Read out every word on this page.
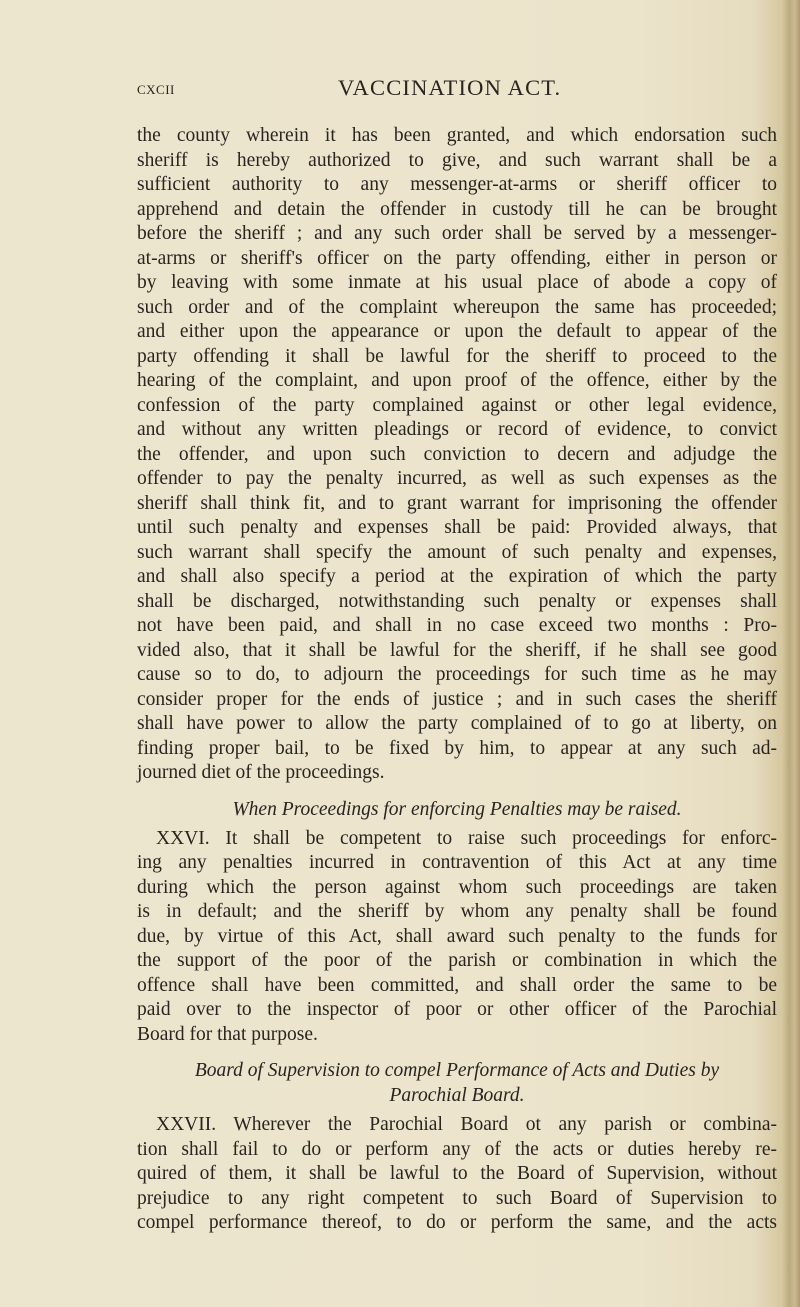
cxcii	VACCINATION ACT.
the county wherein it has been granted, and which endorsation such
sheriff is hereby authorized to give, and such warrant shall be a
sufficient authority to any messenger-at-arms or sheriff officer to
apprehend and detain the offender in custody till he can be brought
before the sheriff ; and any such order shall be served by a messenger-
at-arms or sheriff's officer on the party offending, either in person or
by leaving with some inmate at his usual place of abode a copy of
such order and of the complaint whereupon the same has proceeded;
and either upon the appearance or upon the default to appear of the
party offending it shall be lawful for the sheriff to proceed to the
hearing of the complaint, and upon proof of the offence, either by the
confession of the party complained against or other legal evidence,
and without any written pleadings or record of evidence, to convict
the offender, and upon such conviction to decern and adjudge the
offender to pay the penalty incurred, as well as such expenses as the
sheriff shall think fit, and to grant warrant for imprisoning the offender
until such penalty and expenses shall be paid: Provided always, that
such warrant shall specify the amount of such penalty and expenses,
and shall also specify a period at the expiration of which the party
shall be discharged, notwithstanding such penalty or expenses shall
not have been paid, and shall in no case exceed two months : Pro-
vided also, that it shall be lawful for the sheriff, if he shall see good
cause so to do, to adjourn the proceedings for such time as he may
consider proper for the ends of justice ; and in such cases the sheriff
shall have power to allow the party complained of to go at liberty, on
finding proper bail, to be fixed by him, to appear at any such ad-
journed diet of the proceedings.
When Proceedings for enforcing Penalties may be raised.
XXVI. It shall be competent to raise such proceedings for enforc-
ing any penalties incurred in contravention of this Act at any time
during which the person against whom such proceedings are taken
is in default; and the sheriff by whom any penalty shall be found
due, by virtue of this Act, shall award such penalty to the funds for
the support of the poor of the parish or combination in which the
offence shall have been committed, and shall order the same to be
paid over to the inspector of poor or other officer of the Parochial
Board for that purpose.
Board of Supervision to compel Performance of Acts and Duties by
Parochial Board.
XXVII. Wherever the Parochial Board ot any parish or combina-
tion shall fail to do or perform any of the acts or duties hereby re-
quired of them, it shall be lawful to the Board of Supervision, without
prejudice to any right competent to such Board of Supervision to
compel performance thereof, to do or perform the same, and the acts
